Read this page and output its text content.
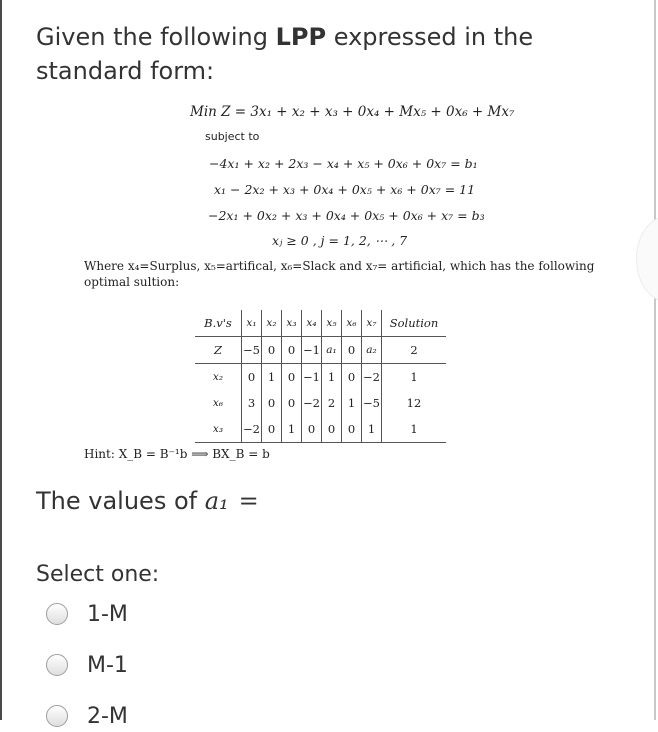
Given the following LPP expressed in the standard form:
Min Z = 3x₁ + x₂ + x₃ + 0x₄ + Mx₅ + 0x₆ + Mx₇
subject to
−4x₁ + x₂ + 2x₃ − x₄ + x₅ + 0x₆ + 0x₇ = b₁
x₁ − 2x₂ + x₃ + 0x₄ + 0x₅ + x₆ + 0x₇ = 11
−2x₁ + 0x₂ + x₃ + 0x₄ + 0x₅ + 0x₆ + x₇ = b₃
xⱼ ≥ 0 , j = 1, 2, ⋯ , 7
Where x₄=Surplus, x₅=artifical, x₆=Slack and x₇= artificial, which has the following optimal sultion:
B.v's	x₁	x₂	x₃	x₄	x₅	x₆	x₇	Solution
Z	−5	0	0	−1	a₁	0	a₂	2
x₂	0	1	0	−1	1	0	−2	1
x₆	3	0	0	−2	2	1	−5	12
x₃	−2	0	1	0	0	0	1	1
Hint: X_B = B⁻¹b ⟹ BX_B = b
The values of a₁ =
Select one:
1-M
M-1
2-M
